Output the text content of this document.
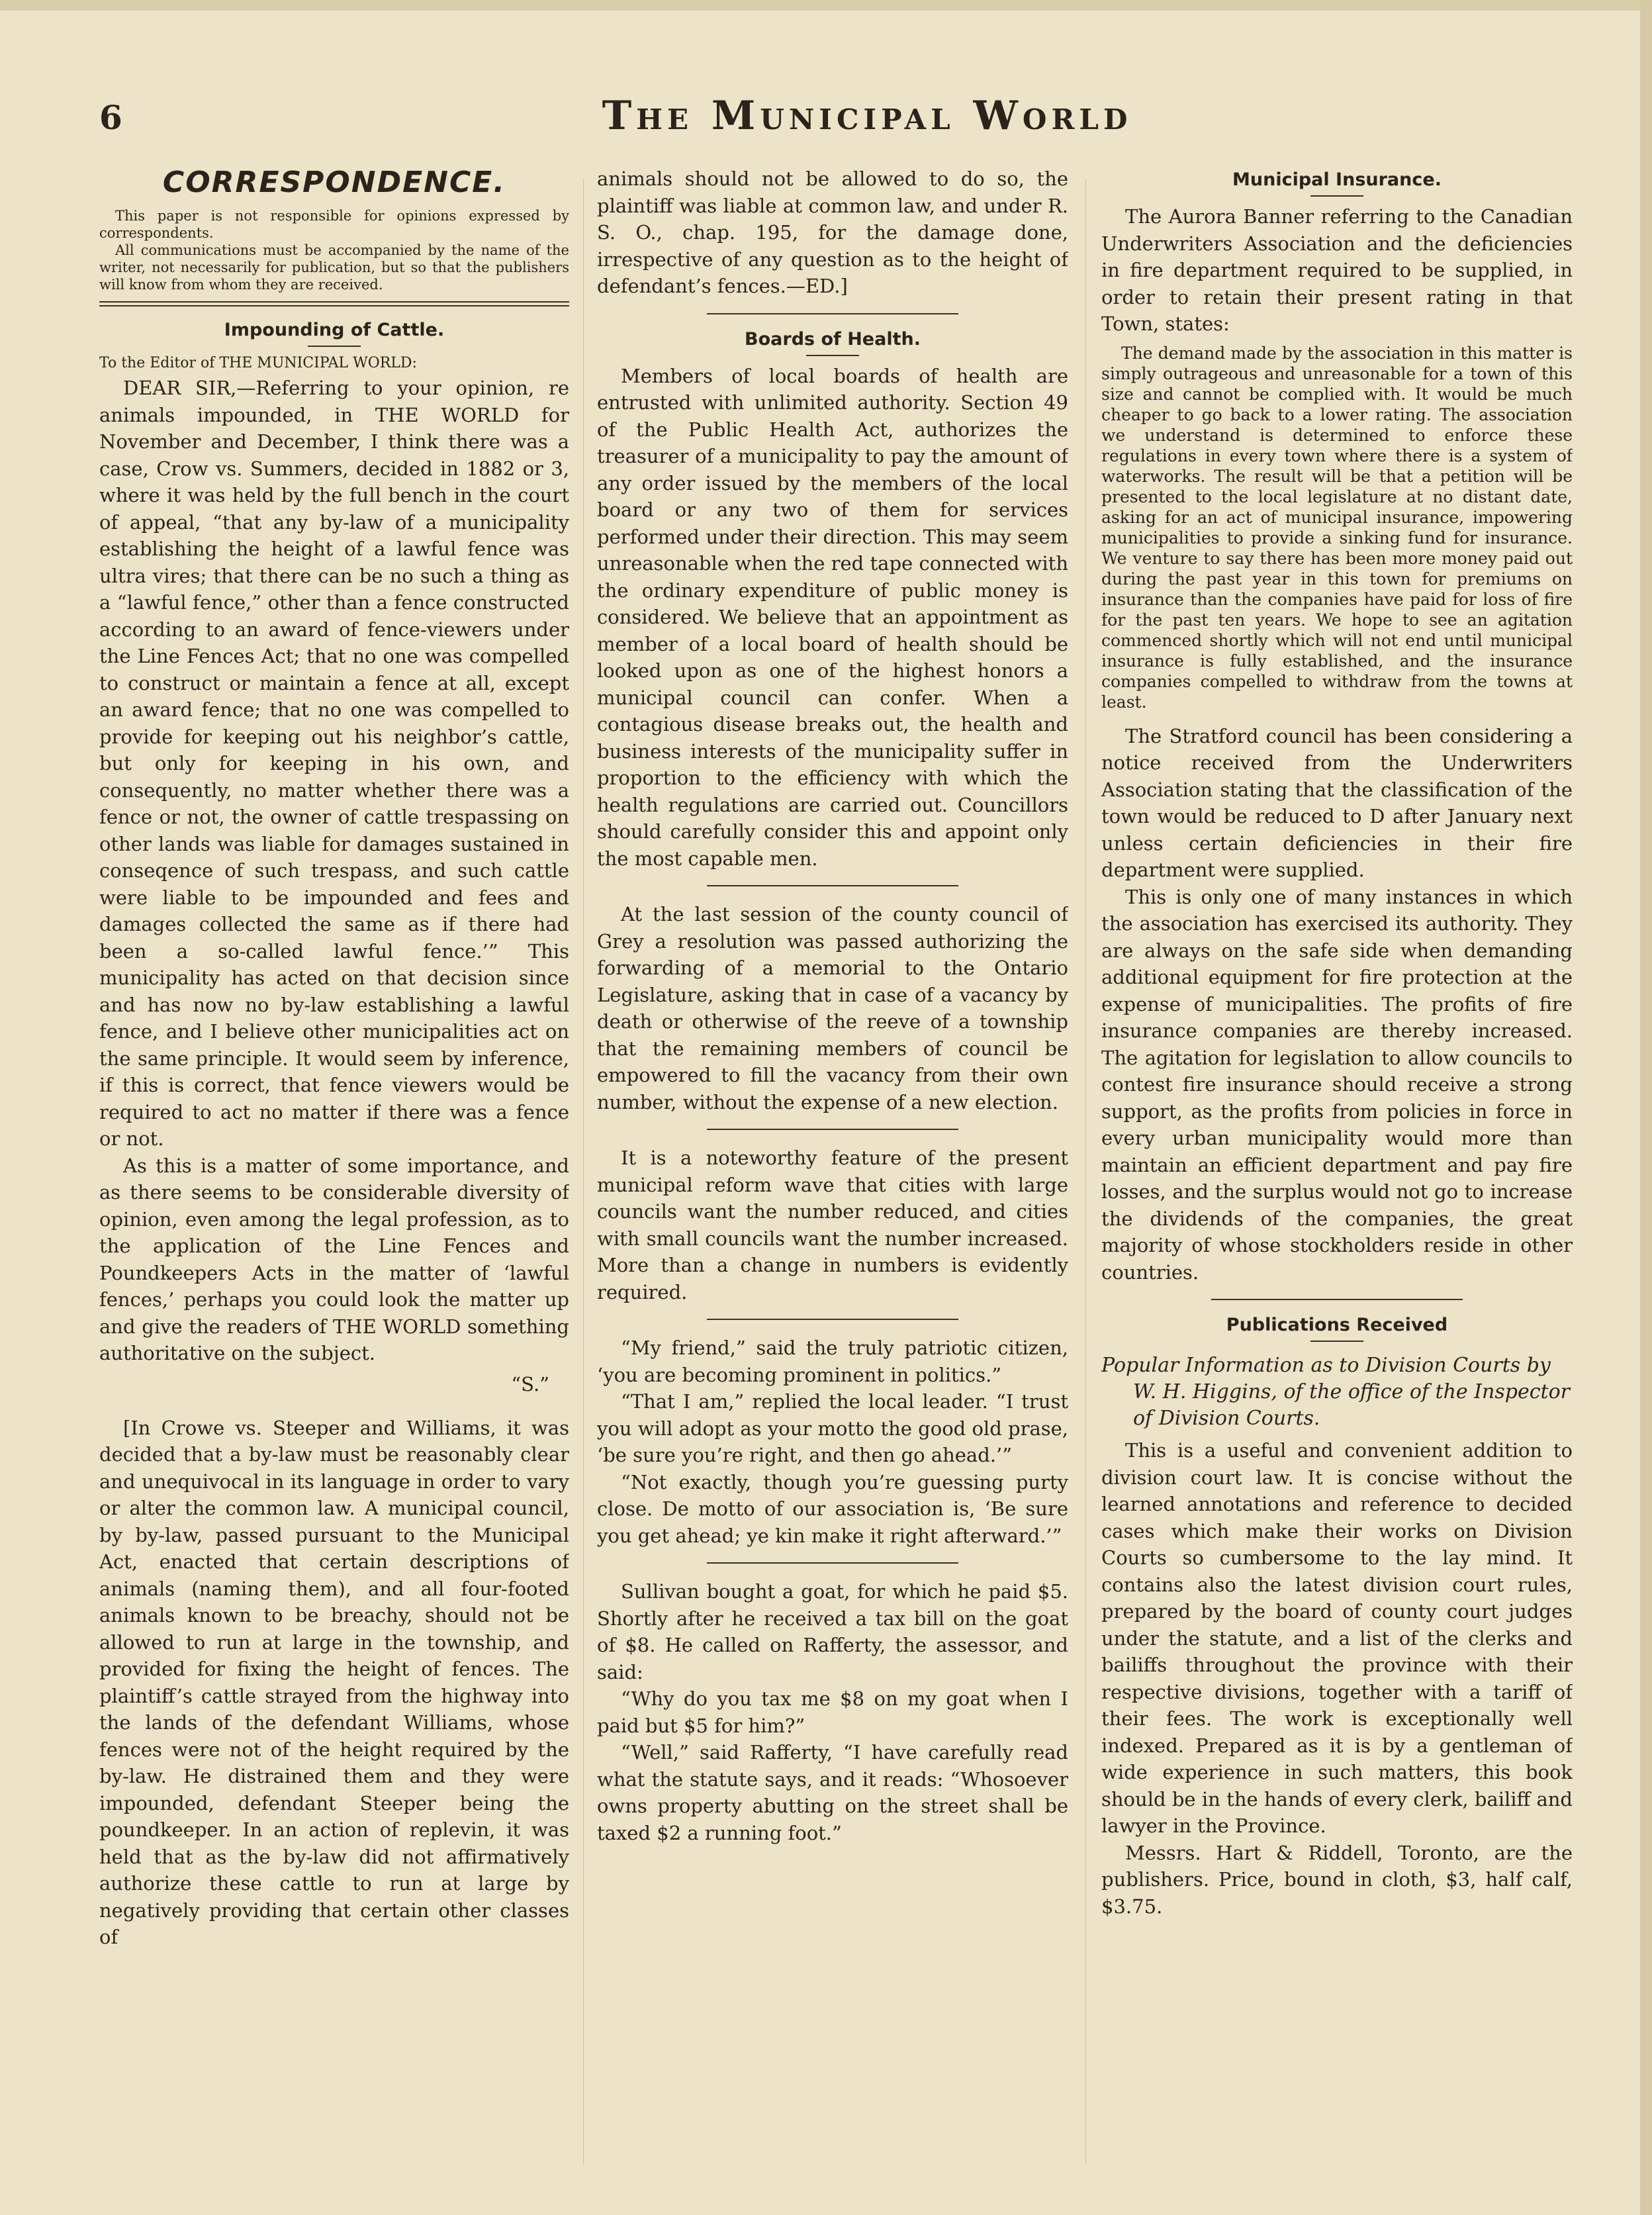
6	The Municipal World
CORRESPONDENCE.

This paper is not responsible for opinions expressed by correspondents.

All communications must be accompanied by the name of the writer, not necessarily for publication, but so that the publishers will know from whom they are received.

Impounding of Cattle.
To the Editor of THE MUNICIPAL WORLD:

DEAR SIR,—Referring to your opinion, re animals impounded, in THE WORLD for November and December, I think there was a case, Crow vs. Summers, decided in 1882 or 3, where it was held by the full bench in the court of appeal, “that any by-law of a municipality establishing the height of a lawful fence was ultra vires; that there can be no such a thing as a “lawful fence,” other than a fence constructed according to an award of fence-viewers under the Line Fences Act; that no one was compelled to construct or maintain a fence at all, except an award fence; that no one was compelled to provide for keeping out his neighbor’s cattle, but only for keeping in his own, and consequently, no matter whether there was a fence or not, the owner of cattle trespassing on other lands was liable for damages sustained in conseqence of such trespass, and such cattle were liable to be impounded and fees and damages collected the same as if there had been a so-called lawful fence.’” This municipality has acted on that decision since and has now no by-law establishing a lawful fence, and I believe other municipalities act on the same principle. It would seem by inference, if this is correct, that fence viewers would be required to act no matter if there was a fence or not.

As this is a matter of some importance, and as there seems to be considerable diversity of opinion, even among the legal profession, as to the application of the Line Fences and Poundkeepers Acts in the matter of ‘lawful fences,’ perhaps you could look the matter up and give the readers of THE WORLD something authoritative on the subject.

“S.”

[In Crowe vs. Steeper and Williams, it was decided that a by-law must be reasonably clear and unequivocal in its language in order to vary or alter the common law. A municipal council, by by-law, passed pursuant to the Municipal Act, enacted that certain descriptions of animals (naming them), and all four-footed animals known to be breachy, should not be allowed to run at large in the township, and provided for fixing the height of fences. The plaintiff’s cattle strayed from the highway into the lands of the defendant Williams, whose fences were not of the height required by the by-law. He distrained them and they were impounded, defendant Steeper being the poundkeeper. In an action of replevin, it was held that as the by-law did not affirmatively authorize these cattle to run at large by negatively providing that certain other classes of

animals should not be allowed to do so, the plaintiff was liable at common law, and under R. S. O., chap. 195, for the damage done, irrespective of any question as to the height of defendant’s fences.—ED.]

Boards of Health.

Members of local boards of health are entrusted with unlimited authority. Section 49 of the Public Health Act, authorizes the treasurer of a municipality to pay the amount of any order issued by the members of the local board or any two of them for services performed under their direction. This may seem unreasonable when the red tape connected with the ordinary expenditure of public money is considered. We believe that an appointment as member of a local board of health should be looked upon as one of the highest honors a municipal council can confer. When a contagious disease breaks out, the health and business interests of the municipality suffer in proportion to the efficiency with which the health regulations are carried out. Councillors should carefully consider this and appoint only the most capable men.

At the last session of the county council of Grey a resolution was passed authorizing the forwarding of a memorial to the Ontario Legislature, asking that in case of a vacancy by death or otherwise of the reeve of a township that the remaining members of council be empowered to fill the vacancy from their own number, without the expense of a new election.

It is a noteworthy feature of the present municipal reform wave that cities with large councils want the number reduced, and cities with small councils want the number increased. More than a change in numbers is evidently required.

“My friend,” said the truly patriotic citizen, ‘you are becoming prominent in politics.”

“That I am,” replied the local leader. “I trust you will adopt as your motto the good old prase, ‘be sure you’re right, and then go ahead.’”

“Not exactly, though you’re guessing purty close. De motto of our association is, ‘Be sure you get ahead; ye kin make it right afterward.’”

Sullivan bought a goat, for which he paid $5. Shortly after he received a tax bill on the goat of $8. He called on Rafferty, the assessor, and said:

“Why do you tax me $8 on my goat when I paid but $5 for him?”

“Well,” said Rafferty, “I have carefully read what the statute says, and it reads: “Whosoever owns property abutting on the street shall be taxed $2 a running foot.”

Municipal Insurance.

The Aurora Banner referring to the Canadian Underwriters Association and the deficiencies in fire department required to be supplied, in order to retain their present rating in that Town, states:

The demand made by the association in this matter is simply outrageous and unreasonable for a town of this size and cannot be complied with. It would be much cheaper to go back to a lower rating. The association we understand is determined to enforce these regulations in every town where there is a system of waterworks. The result will be that a petition will be presented to the local legislature at no distant date, asking for an act of municipal insurance, impowering municipalities to provide a sinking fund for insurance. We venture to say there has been more money paid out during the past year in this town for premiums on insurance than the companies have paid for loss of fire for the past ten years. We hope to see an agitation commenced shortly which will not end until municipal insurance is fully established, and the insurance companies compelled to withdraw from the towns at least.

The Stratford council has been considering a notice received from the Underwriters Association stating that the classification of the town would be reduced to D after January next unless certain deficiencies in their fire department were supplied.

This is only one of many instances in which the association has exercised its authority. They are always on the safe side when demanding additional equipment for fire protection at the expense of municipalities. The profits of fire insurance companies are thereby increased. The agitation for legislation to allow councils to contest fire insurance should receive a strong support, as the profits from policies in force in every urban municipality would more than maintain an efficient department and pay fire losses, and the surplus would not go to increase the dividends of the companies, the great majority of whose stockholders reside in other countries.

Publications Received

Popular Information as to Division Courts by W. H. Higgins, of the office of the Inspector of Division Courts.

This is a useful and convenient addition to division court law. It is concise without the learned annotations and reference to decided cases which make their works on Division Courts so cumbersome to the lay mind. It contains also the latest division court rules, prepared by the board of county court judges under the statute, and a list of the clerks and bailiffs throughout the province with their respective divisions, together with a tariff of their fees. The work is exceptionally well indexed. Prepared as it is by a gentleman of wide experience in such matters, this book should be in the hands of every clerk, bailiff and lawyer in the Province.

Messrs. Hart & Riddell, Toronto, are the publishers. Price, bound in cloth, $3, half calf, $3.75.
